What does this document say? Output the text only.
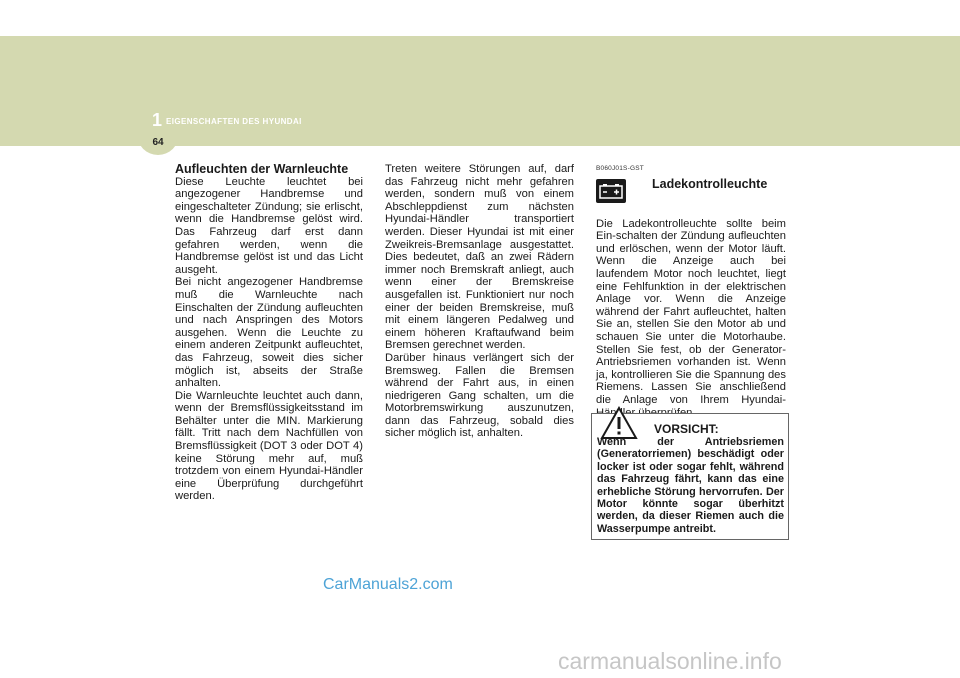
64
1 EIGENSCHAFTEN DES HYUNDAI

Aufleuchten der Warnleuchte

Diese Leuchte leuchtet bei angezogener Handbremse und eingeschalteter Zündung; sie erlischt, wenn die Handbremse gelöst wird. Das Fahrzeug darf erst dann gefahren werden, wenn die Handbremse gelöst ist und das Licht ausgeht.

Bei nicht angezogener Handbremse muß die Warnleuchte nach Einschalten der Zündung aufleuchten und nach Anspringen des Motors ausgehen. Wenn die Leuchte zu einem anderen Zeitpunkt aufleuchtet, das Fahrzeug, soweit dies sicher möglich ist, abseits der Straße anhalten.

Die Warnleuchte leuchtet auch dann, wenn der Bremsflüssigkeitsstand im Behälter unter die MIN. Markierung fällt. Tritt nach dem Nachfüllen von Bremsflüssigkeit (DOT 3 oder DOT 4) keine Störung mehr auf, muß trotzdem von einem Hyundai-Händler eine Überprüfung durchgeführt werden.

Treten weitere Störungen auf, darf das Fahrzeug nicht mehr gefahren werden, sondern muß von einem Abschleppdienst zum nächsten Hyundai-Händler transportiert werden. Dieser Hyundai ist mit einer Zweikreis-Bremsanlage ausgestattet. Dies bedeutet, daß an zwei Rädern immer noch Bremskraft anliegt, auch wenn einer der Bremskreise ausgefallen ist. Funktioniert nur noch einer der beiden Bremskreise, muß mit einem längeren Pedalweg und einem höheren Kraftaufwand beim Bremsen gerechnet werden.

Darüber hinaus verlängert sich der Bremsweg. Fallen die Bremsen während der Fahrt aus, in einen niedrigeren Gang schalten, um die Motorbremswirkung auszunutzen, dann das Fahrzeug, sobald dies sicher möglich ist, anhalten.

B060J01S-GST
Ladekontrolleuchte

Die Ladekontrolleuchte sollte beim Ein-schalten der Zündung aufleuchten und erlöschen, wenn der Motor läuft. Wenn die Anzeige auch bei laufendem Motor noch leuchtet, liegt eine Fehlfunktion in der elektrischen Anlage vor. Wenn die Anzeige während der Fahrt aufleuchtet, halten Sie an, stellen Sie den Motor ab und schauen Sie unter die Motorhaube. Stellen Sie fest, ob der Generator-Antriebsriemen vorhanden ist. Wenn ja, kontrollieren Sie die Spannung des Riemens. Lassen Sie anschließend die Anlage von Ihrem Hyundai-

VORSICHT:
Wenn der Antriebsriemen (Generatorriemen) beschädigt oder locker ist oder sogar fehlt, während das Fahrzeug fährt, kann das eine erhebliche Störung hervorrufen. Der Motor könnte sogar überhitzt werden, da dieser Riemen auch die Wasserpumpe antreibt.
CarManuals2.com
carmanualsonline.info
